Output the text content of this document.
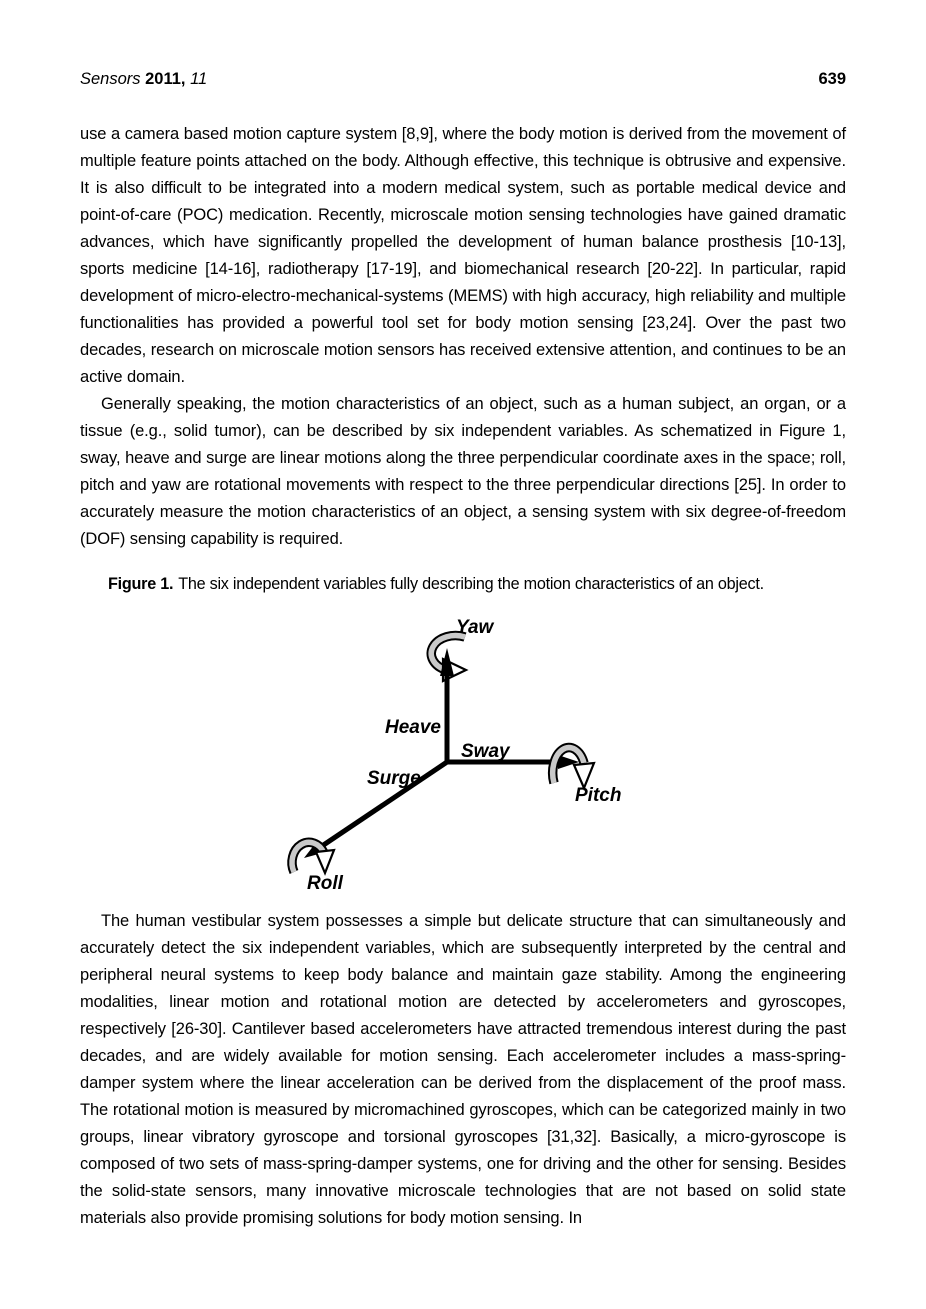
Sensors 2011, 11	639

use a camera based motion capture system [8,9], where the body motion is derived from the movement of multiple feature points attached on the body. Although effective, this technique is obtrusive and expensive. It is also difficult to be integrated into a modern medical system, such as portable medical device and point-of-care (POC) medication. Recently, microscale motion sensing technologies have gained dramatic advances, which have significantly propelled the development of human balance prosthesis [10-13], sports medicine [14-16], radiotherapy [17-19], and biomechanical research [20-22]. In particular, rapid development of micro-electro-mechanical-systems (MEMS) with high accuracy, high reliability and multiple functionalities has provided a powerful tool set for body motion sensing [23,24]. Over the past two decades, research on microscale motion sensors has received extensive attention, and continues to be an active domain.

Generally speaking, the motion characteristics of an object, such as a human subject, an organ, or a tissue (e.g., solid tumor), can be described by six independent variables. As schematized in Figure 1, sway, heave and surge are linear motions along the three perpendicular coordinate axes in the space; roll, pitch and yaw are rotational movements with respect to the three perpendicular directions [25]. In order to accurately measure the motion characteristics of an object, a sensing system with six degree-of-freedom (DOF) sensing capability is required.

Figure 1. The six independent variables fully describing the motion characteristics of an object.
Yaw
Heave
Sway
Surge
Pitch
Roll

The human vestibular system possesses a simple but delicate structure that can simultaneously and accurately detect the six independent variables, which are subsequently interpreted by the central and peripheral neural systems to keep body balance and maintain gaze stability. Among the engineering modalities, linear motion and rotational motion are detected by accelerometers and gyroscopes, respectively [26-30]. Cantilever based accelerometers have attracted tremendous interest during the past decades, and are widely available for motion sensing. Each accelerometer includes a mass-spring-damper system where the linear acceleration can be derived from the displacement of the proof mass. The rotational motion is measured by micromachined gyroscopes, which can be categorized mainly in two groups, linear vibratory gyroscope and torsional gyroscopes [31,32]. Basically, a micro-gyroscope is composed of two sets of mass-spring-damper systems, one for driving and the other for sensing. Besides the solid-state sensors, many innovative microscale technologies that are not based on solid state materials also provide promising solutions for body motion sensing. In
